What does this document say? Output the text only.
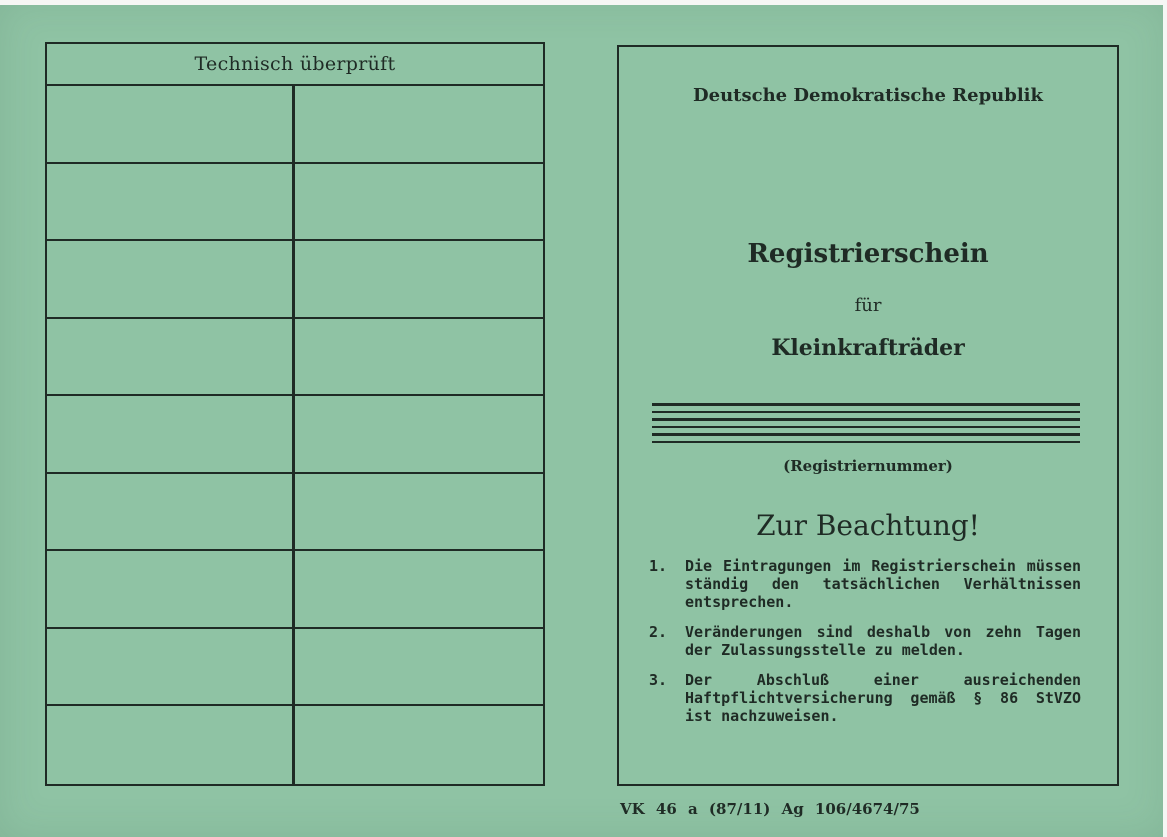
Technisch überprüft
Deutsche Demokratische Republik
Registrierschein
für
Kleinkrafträder
(Registriernummer)
Zur Beachtung!
1.	Die Eintragungen im Registrierschein müssen ständig den tatsächlichen Verhältnissen entsprechen.
2.	Veränderungen sind deshalb von zehn Tagen der Zulassungsstelle zu melden.
3.	Der Abschluß einer ausreichenden Haftpflichtversicherung gemäß § 86 StVZO ist nachzuweisen.
VK 46 a (87/11) Ag 106/4674/75
